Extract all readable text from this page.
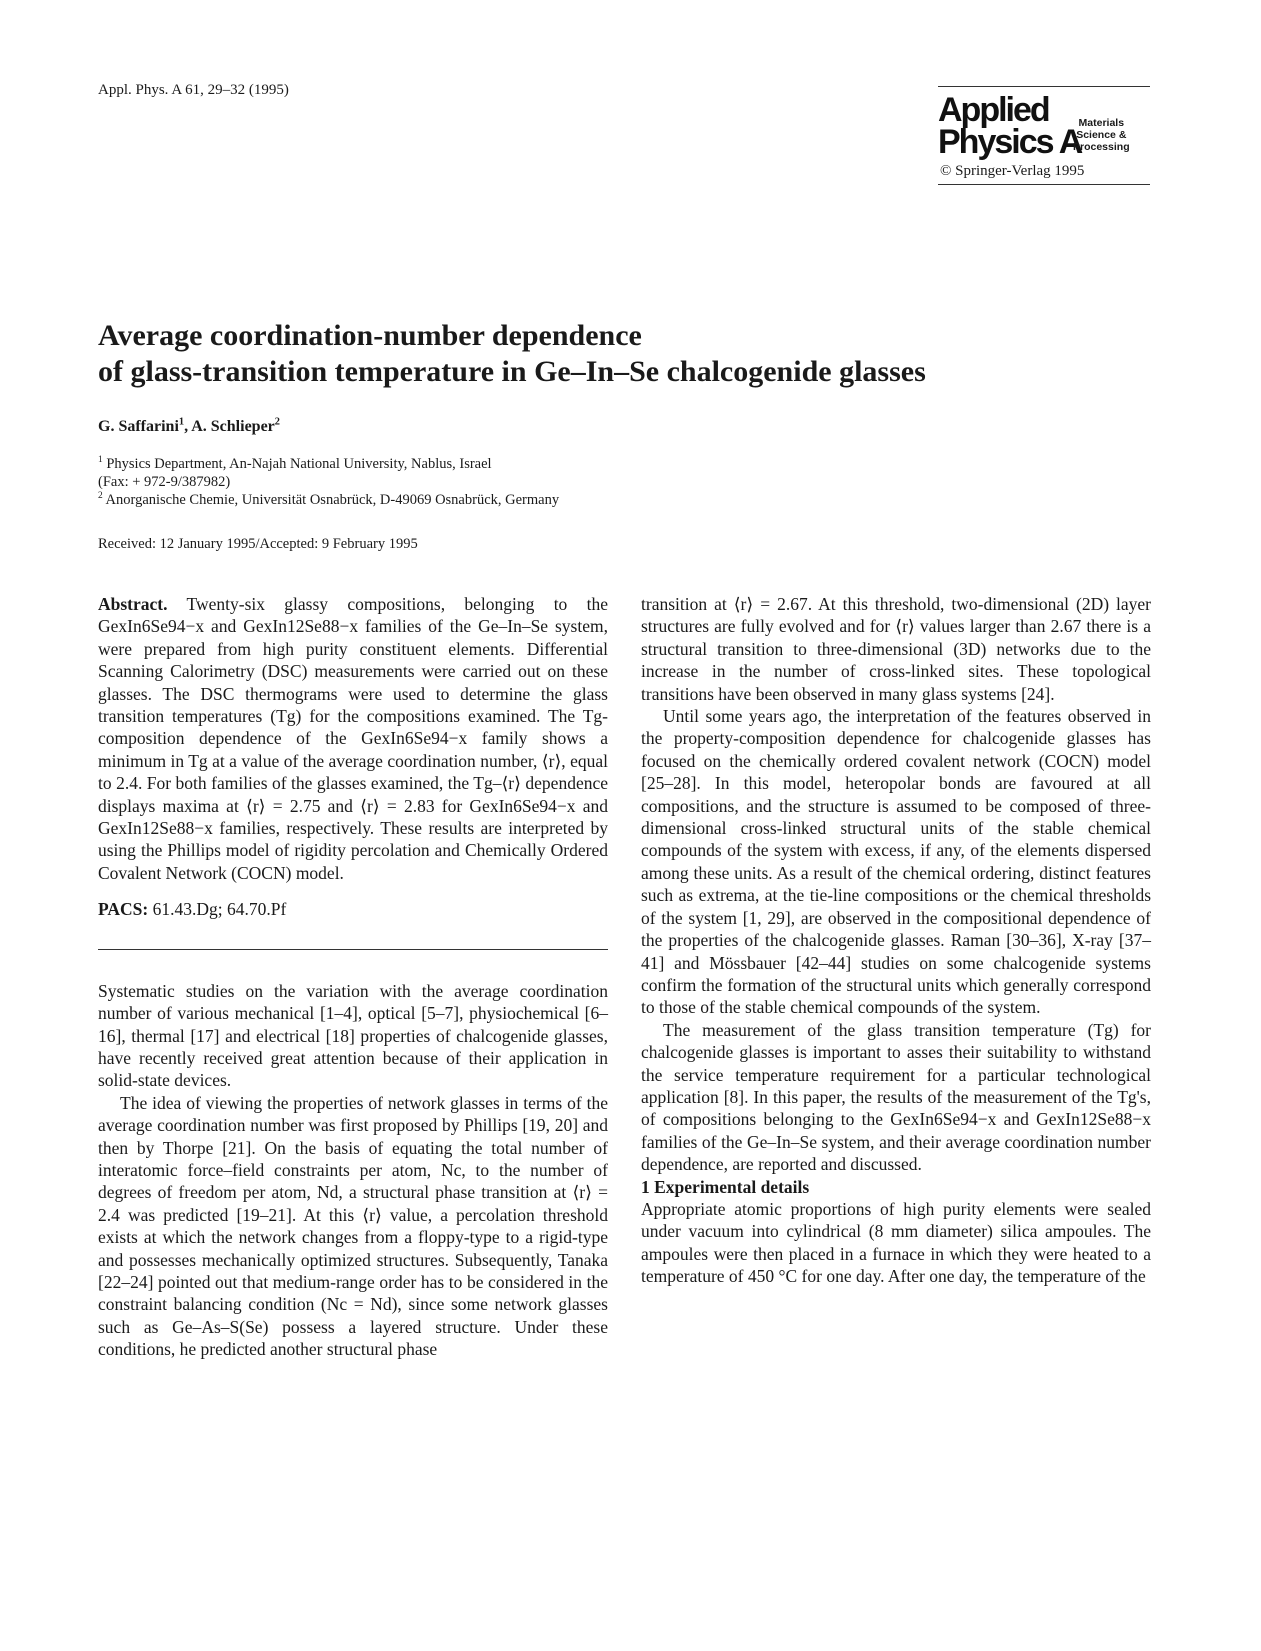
Appl. Phys. A 61, 29–32 (1995)
Applied
Physics A
Materials
Science &
Processing
© Springer-Verlag 1995
Average coordination-number dependence
of glass-transition temperature in Ge–In–Se chalcogenide glasses
G. Saffarini$^1$, A. Schlieper$^2$
$^1$ Physics Department, An-Najah National University, Nablus, Israel
(Fax: + 972-9/387982)
$^2$ Anorganische Chemie, Universität Osnabrück, D-49069 Osnabrück, Germany
Received: 12 January 1995/Accepted: 9 February 1995

Abstract. Twenty-six glassy compositions, belonging to the GexIn6Se94−x and GexIn12Se88−x families of the Ge–In–Se system, were prepared from high purity constituent elements. Differential Scanning Calorimetry (DSC) measurements were carried out on these glasses. The DSC thermograms were used to determine the glass transition temperatures (Tg) for the compositions examined. The Tg-composition dependence of the GexIn6Se94−x family shows a minimum in Tg at a value of the average coordination number, ⟨r⟩, equal to 2.4. For both families of the glasses examined, the Tg–⟨r⟩ dependence displays maxima at ⟨r⟩ = 2.75 and ⟨r⟩ = 2.83 for GexIn6Se94−x and GexIn12Se88−x families, respectively. These results are interpreted by using the Phillips model of rigidity percolation and Chemically Ordered Covalent Network (COCN) model.

PACS: 61.43.Dg; 64.70.Pf

Systematic studies on the variation with the average coordination number of various mechanical [1–4], optical [5–7], physiochemical [6–16], thermal [17] and electrical [18] properties of chalcogenide glasses, have recently received great attention because of their application in solid-state devices.

The idea of viewing the properties of network glasses in terms of the average coordination number was first proposed by Phillips [19, 20] and then by Thorpe [21]. On the basis of equating the total number of interatomic force–field constraints per atom, Nc, to the number of degrees of freedom per atom, Nd, a structural phase transition at ⟨r⟩ = 2.4 was predicted [19–21]. At this ⟨r⟩ value, a percolation threshold exists at which the network changes from a floppy-type to a rigid-type and possesses mechanically optimized structures. Subsequently, Tanaka [22–24] pointed out that medium-range order has to be considered in the constraint balancing condition (Nc = Nd), since some network glasses such as Ge–As–S(Se) possess a layered structure. Under these conditions, he predicted another structural phase

transition at ⟨r⟩ = 2.67. At this threshold, two-dimensional (2D) layer structures are fully evolved and for ⟨r⟩ values larger than 2.67 there is a structural transition to three-dimensional (3D) networks due to the increase in the number of cross-linked sites. These topological transitions have been observed in many glass systems [24].

Until some years ago, the interpretation of the features observed in the property-composition dependence for chalcogenide glasses has focused on the chemically ordered covalent network (COCN) model [25–28]. In this model, heteropolar bonds are favoured at all compositions, and the structure is assumed to be composed of three-dimensional cross-linked structural units of the stable chemical compounds of the system with excess, if any, of the elements dispersed among these units. As a result of the chemical ordering, distinct features such as extrema, at the tie-line compositions or the chemical thresholds of the system [1, 29], are observed in the compositional dependence of the properties of the chalcogenide glasses. Raman [30–36], X-ray [37–41] and Mössbauer [42–44] studies on some chalcogenide systems confirm the formation of the structural units which generally correspond to those of the stable chemical compounds of the system.

The measurement of the glass transition temperature (Tg) for chalcogenide glasses is important to asses their suitability to withstand the service temperature requirement for a particular technological application [8]. In this paper, the results of the measurement of the Tg's, of compositions belonging to the GexIn6Se94−x and GexIn12Se88−x families of the Ge–In–Se system, and their average coordination number dependence, are reported and discussed.

1 Experimental details

Appropriate atomic proportions of high purity elements were sealed under vacuum into cylindrical (8 mm diameter) silica ampoules. The ampoules were then placed in a furnace in which they were heated to a temperature of 450 °C for one day. After one day, the temperature of the
